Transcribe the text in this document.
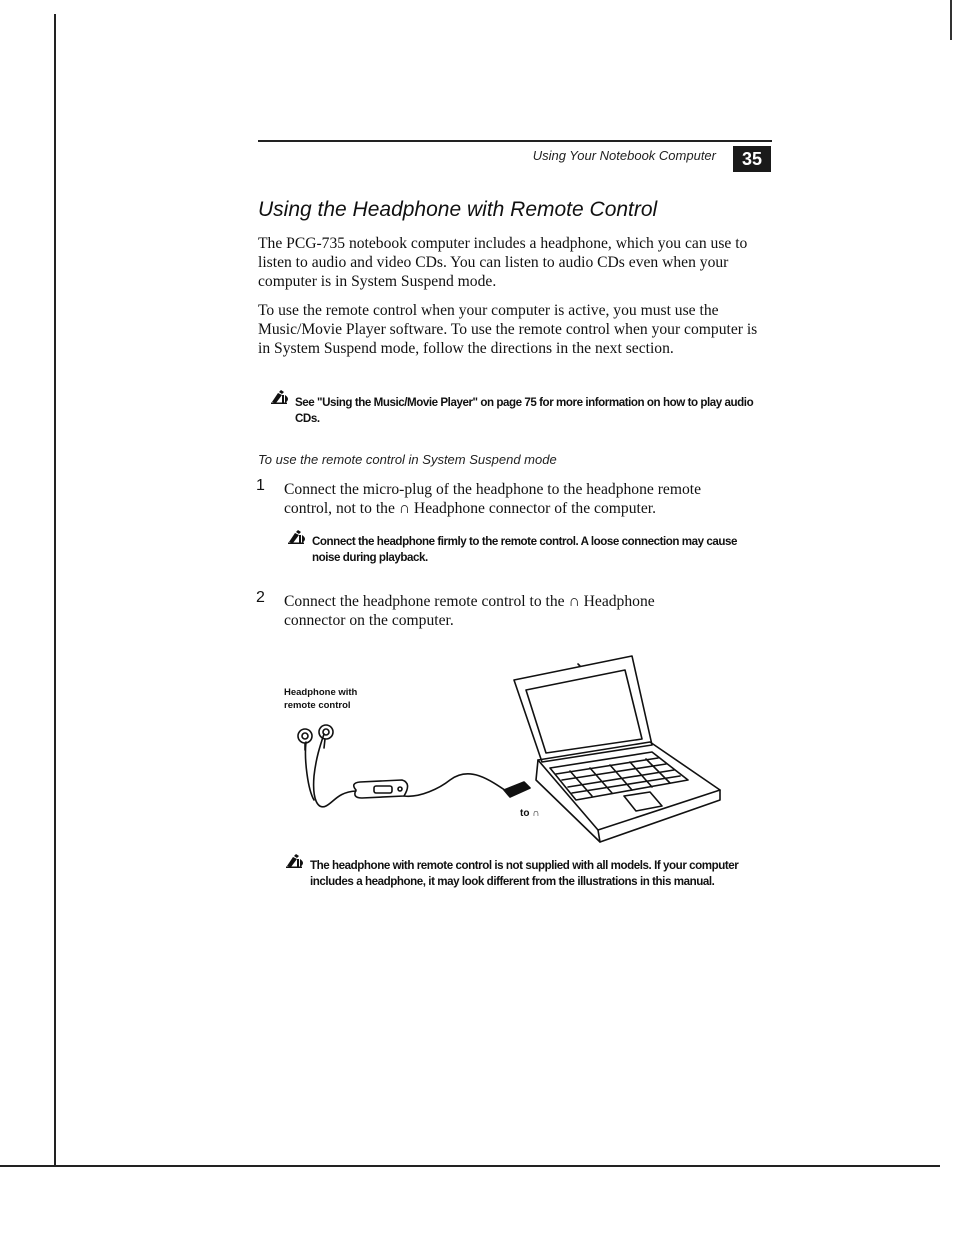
Using Your Notebook Computer	35
Using the Headphone with Remote Control
The PCG-735 notebook computer includes a headphone, which you can use to listen to audio and video CDs. You can listen to audio CDs even when your computer is in System Suspend mode.
To use the remote control when your computer is active, you must use the Music/Movie Player software. To use the remote control when your computer is in System Suspend mode, follow the directions in the next section.
See "Using the Music/Movie Player" on page 75 for more information on how to play audio
CDs.
To use the remote control in System Suspend mode
1 Connect the micro-plug of the headphone to the headphone remote
control, not to the ∩ Headphone connector of the computer.
Connect the headphone firmly to the remote control. A loose connection may cause
noise during playback.
2 Connect the headphone remote control to the ∩ Headphone
connector on the computer.
Headphone with
remote control
to ∩
The headphone with remote control is not supplied with all models. If your computer
includes a headphone, it may look different from the illustrations in this manual.
